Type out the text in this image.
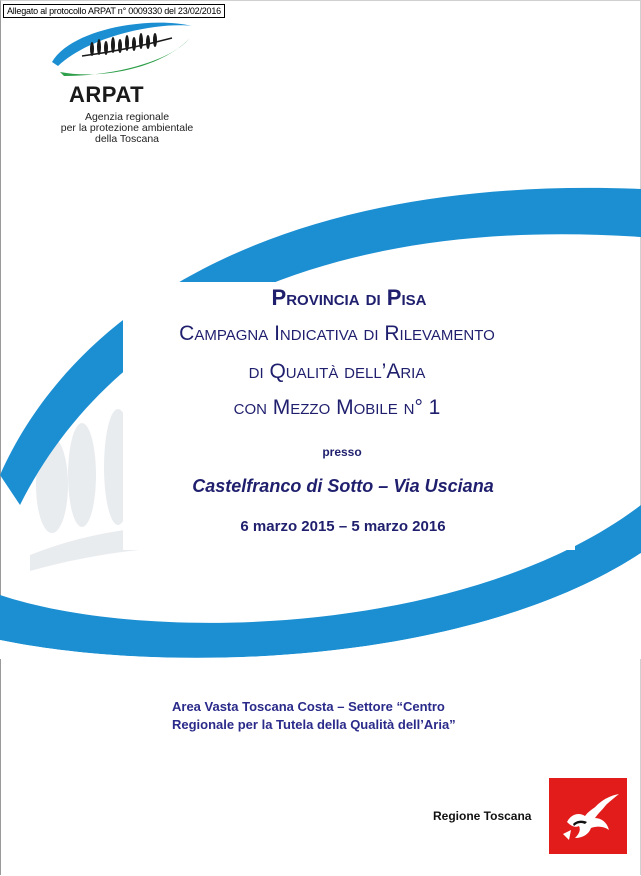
Allegato al protocollo ARPAT n° 0009330 del 23/02/2016
ARPAT
Agenzia regionale
per la protezione ambientale
della Toscana
Provincia di Pisa
Campagna Indicativa di Rilevamento
di Qualità dell’Aria
con Mezzo Mobile n° 1
presso
Castelfranco di Sotto – Via Usciana
6 marzo 2015 – 5 marzo 2016
Area Vasta Toscana Costa – Settore “Centro
Regionale per la Tutela della Qualità dell’Aria”
Regione Toscana
